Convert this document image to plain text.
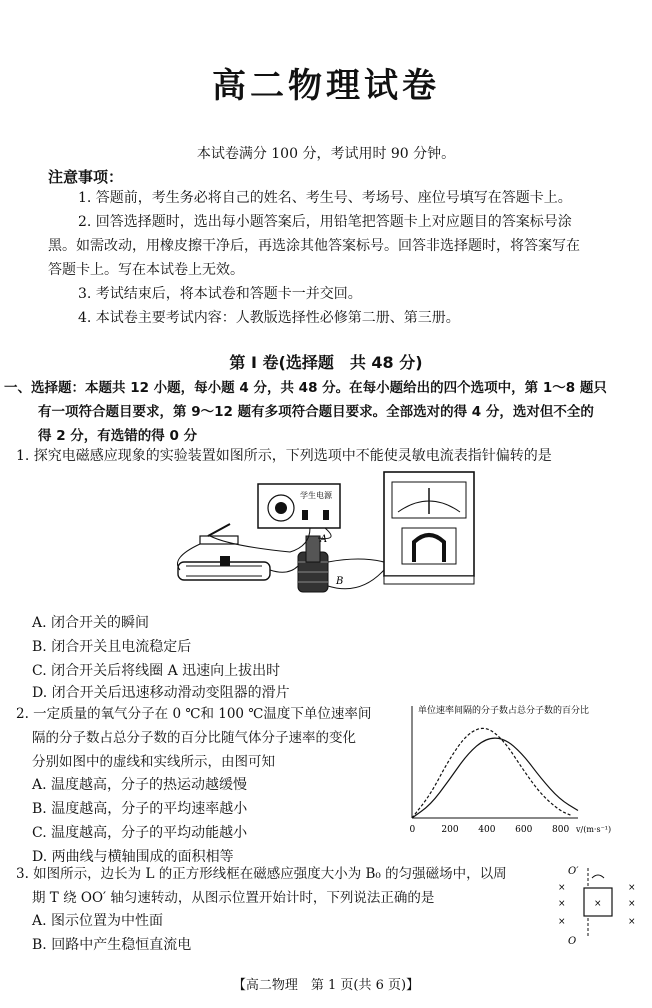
高二物理试卷
本试卷满分 100 分，考试用时 90 分钟。
注意事项：
1. 答题前，考生务必将自己的姓名、考生号、考场号、座位号填写在答题卡上。
2. 回答选择题时，选出每小题答案后，用铅笔把答题卡上对应题目的答案标号涂
黑。如需改动，用橡皮擦干净后，再选涂其他答案标号。回答非选择题时，将答案写在
答题卡上。写在本试卷上无效。
3. 考试结束后，将本试卷和答题卡一并交回。
4. 本试卷主要考试内容：人教版选择性必修第二册、第三册。
第 Ⅰ 卷(选择题　共 48 分)
一、选择题：本题共 12 小题，每小题 4 分，共 48 分。在每小题给出的四个选项中，第 1～8 题只
有一项符合题目要求，第 9～12 题有多项符合题目要求。全部选对的得 4 分，选对但不全的
得 2 分，有选错的得 0 分
1. 探究电磁感应现象的实验装置如图所示，下列选项中不能使灵敏电流表指针偏转的是
学生电源
A
B
A. 闭合开关的瞬间
B. 闭合开关且电流稳定后
C. 闭合开关后将线圈 A 迅速向上拔出时
D. 闭合开关后迅速移动滑动变阻器的滑片
2. 一定质量的氧气分子在 0 ℃和 100 ℃温度下单位速率间
隔的分子数占总分子数的百分比随气体分子速率的变化
分别如图中的虚线和实线所示，由图可知
A. 温度越高，分子的热运动越缓慢
B. 温度越高，分子的平均速率越小
C. 温度越高，分子的平均动能越小
D. 两曲线与横轴围成的面积相等
单位速率间隔的分子数占总分子数的百分比
0	200 400 600 800 v/(m·s⁻¹)
3. 如图所示，边长为 L 的正方形线框在磁感应强度大小为 B₀ 的匀强磁场中，以周
期 T 绕 OO′ 轴匀速转动，从图示位置开始计时，下列说法正确的是
A. 图示位置为中性面
B. 回路中产生稳恒直流电
O′
O
×
×
×
×
×
×
×
【高二物理　第 1 页(共 6 页)】
